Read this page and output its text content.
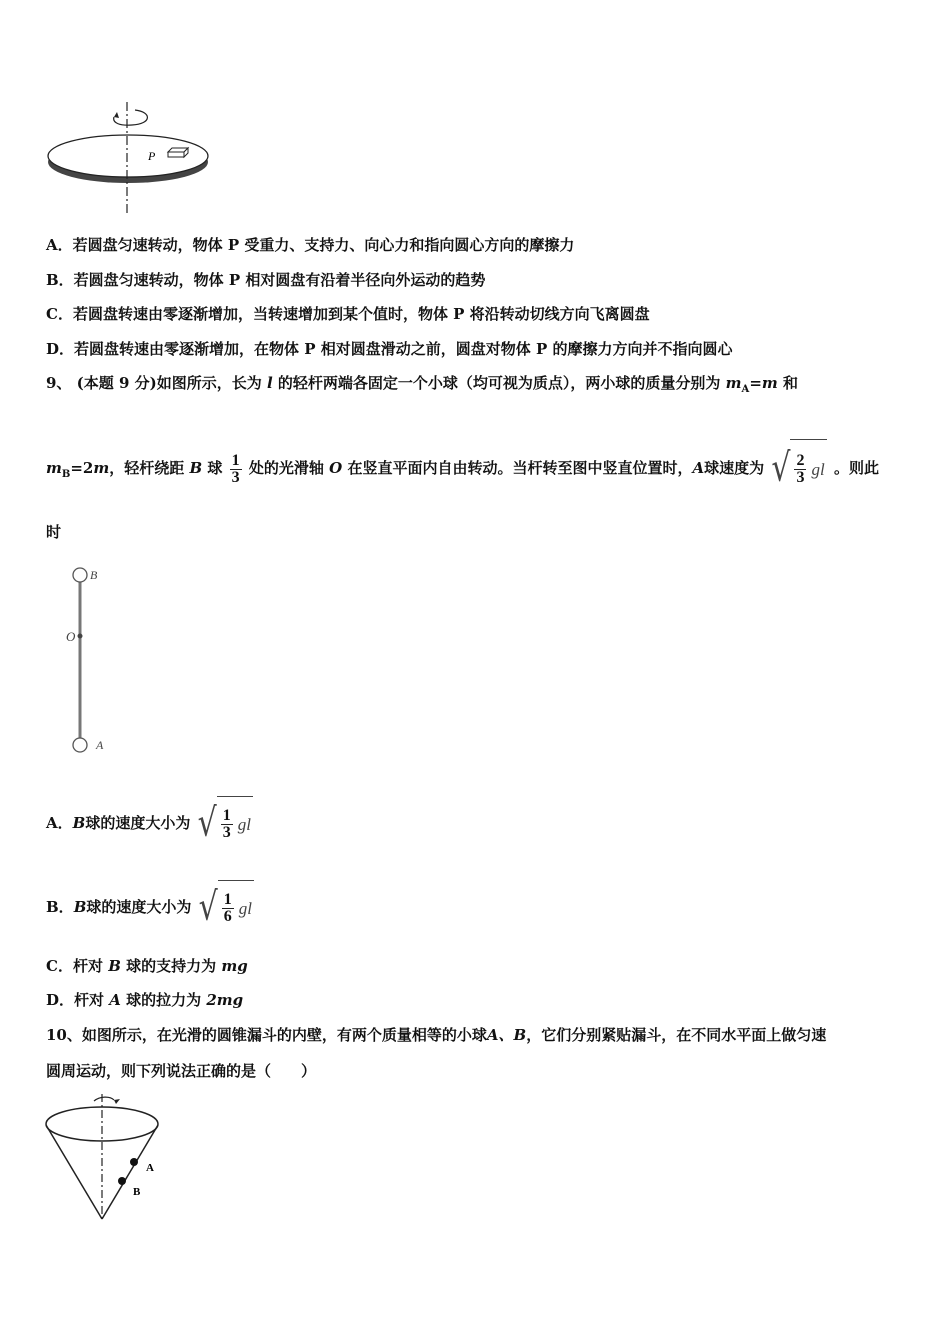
P
A．若圆盘匀速转动，物体 P 受重力、支持力、向心力和指向圆心方向的摩擦力
B．若圆盘匀速转动，物体 P 相对圆盘有沿着半径向外运动的趋势
C．若圆盘转速由零逐渐增加，当转速增加到某个值时，物体 P 将沿转动切线方向飞离圆盘
D．若圆盘转速由零逐渐增加，在物体 P 相对圆盘滑动之前，圆盘对物体 P 的摩擦力方向并不指向圆心
9、 (本题 9 分)如图所示，长为 l 的轻杆两端各固定一个小球（均可视为质点），两小球的质量分别为 $m_A=m$ 和
$m_B=2m$，轻杆绕距 B 球 $\frac{1}{3}$ 处的光滑轴 O 在竖直平面内自由转动。当杆转至图中竖直位置时，A球速度为 √ $\frac{2}{3}$ gl 。则此
时
B
O
A
A．B球的速度大小为 √ $\frac{1}{3}$ gl
B．B球的速度大小为 √ $\frac{1}{6}$ gl
C．杆对 B 球的支持力为 mg
D．杆对 A 球的拉力为 2mg
10、如图所示，在光滑的圆锥漏斗的内壁，有两个质量相等的小球A、B，它们分别紧贴漏斗，在不同水平面上做匀速
圆周运动，则下列说法正确的是（　　）
A
B
